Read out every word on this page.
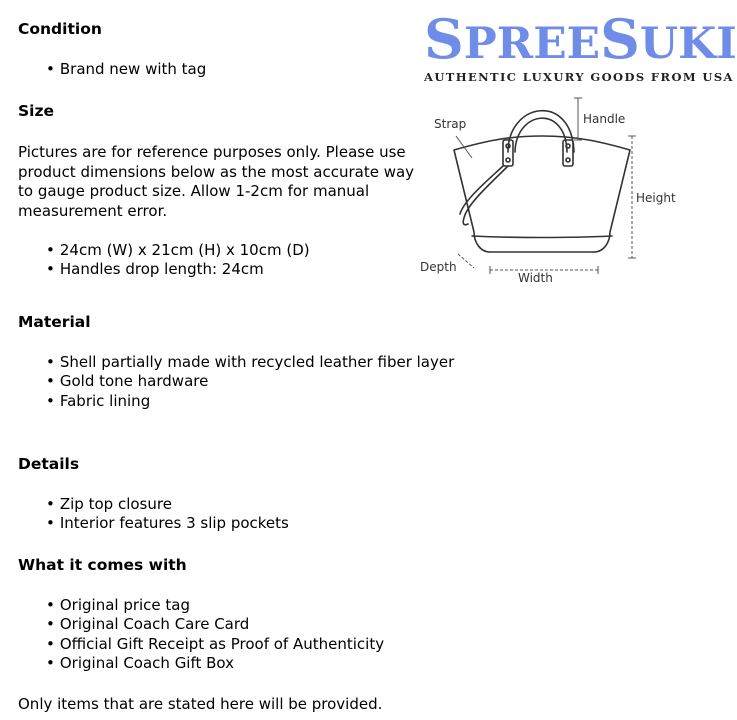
SPREESUKI
AUTHENTIC LUXURY GOODS FROM USA
Strap	Handle
Height
Depth
Width
Condition
• Brand new with tag
Size

Pictures are for reference purposes only. Please use product dimensions below as the most accurate way to gauge product size. Allow 1-2cm for manual measurement error.

• 24cm (W) x 21cm (H) x 10cm (D)
• Handles drop length: 24cm
Material
• Shell partially made with recycled leather fiber layer
• Gold tone hardware
• Fabric lining
Details
• Zip top closure
• Interior features 3 slip pockets
What it comes with
• Original price tag
• Original Coach Care Card
• Official Gift Receipt as Proof of Authenticity
• Original Coach Gift Box

Only items that are stated here will be provided.
